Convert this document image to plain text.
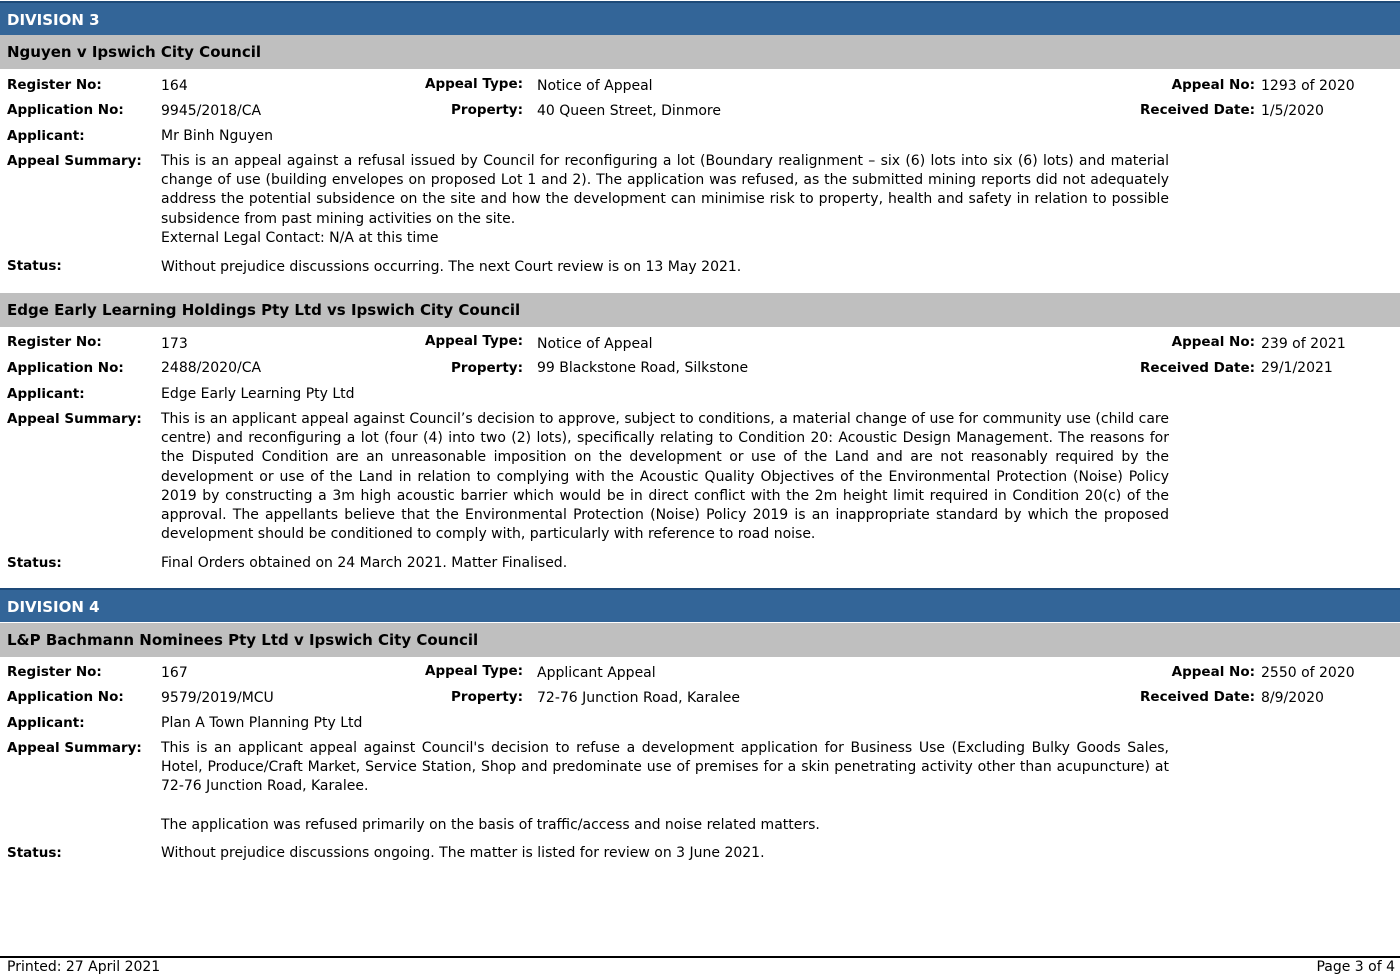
DIVISION 3
Nguyen v Ipswich City Council
Register No:	164	Appeal Type: Notice of Appeal	Appeal No: 1293 of 2020
Application No:	9945/2018/CA	Property: 40 Queen Street, Dinmore	Received Date: 1/5/2020
Applicant:	Mr Binh Nguyen
Appeal Summary: This is an appeal against a refusal issued by Council for reconfiguring a lot (Boundary realignment – six (6) lots into six (6) lots) and material change of use (building envelopes on proposed Lot 1 and 2). The application was refused, as the submitted mining reports did not adequately address the potential subsidence on the site and how the development can minimise risk to property, health and safety in relation to possible subsidence from past mining activities on the site.

External Legal Contact: N/A at this time

Status:	Without prejudice discussions occurring. The next Court review is on 13 May 2021.
Edge Early Learning Holdings Pty Ltd vs Ipswich City Council
Register No:	173	Appeal Type: Notice of Appeal	Appeal No: 239 of 2021
Application No:	2488/2020/CA	Property: 99 Blackstone Road, Silkstone	Received Date: 29/1/2021
Applicant:	Edge Early Learning Pty Ltd
Appeal Summary: This is an applicant appeal against Council’s decision to approve, subject to conditions, a material change of use for community use (child care centre) and reconfiguring a lot (four (4) into two (2) lots), specifically relating to Condition 20: Acoustic Design Management. The reasons for the Disputed Condition are an unreasonable imposition on the development or use of the Land and are not reasonably required by the development or use of the Land in relation to complying with the Acoustic Quality Objectives of the Environmental Protection (Noise) Policy 2019 by constructing a 3m high acoustic barrier which would be in direct conflict with the 2m height limit required in Condition 20(c) of the approval. The appellants believe that the Environmental Protection (Noise) Policy 2019 is an inappropriate standard by which the proposed development should be conditioned to comply with, particularly with reference to road noise.

Status:	Final Orders obtained on 24 March 2021. Matter Finalised.
DIVISION 4
L&P Bachmann Nominees Pty Ltd v Ipswich City Council
Register No:	167	Appeal Type: Applicant Appeal	Appeal No: 2550 of 2020
Application No:	9579/2019/MCU	Property: 72-76 Junction Road, Karalee	Received Date: 8/9/2020
Applicant:	Plan A Town Planning Pty Ltd
Appeal Summary: This is an applicant appeal against Council's decision to refuse a development application for Business Use (Excluding Bulky Goods Sales, Hotel, Produce/Craft Market, Service Station, Shop and predominate use of premises for a skin penetrating activity other than acupuncture) at 72-76 Junction Road, Karalee.

The application was refused primarily on the basis of traffic/access and noise related matters.

Status:	Without prejudice discussions ongoing. The matter is listed for review on 3 June 2021.
Printed: 27 April 2021	Page 3 of 4
